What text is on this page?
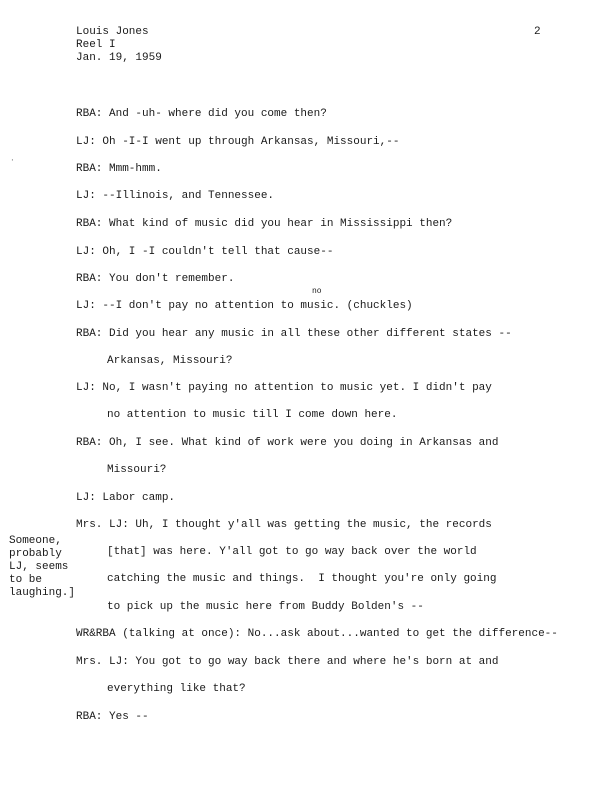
Louis Jones
Reel I
Jan. 19, 1959
2
RBA: And -uh- where did you come then?
LJ: Oh -I-I went up through Arkansas, Missouri,--
RBA: Mmm-hmm.
LJ: --Illinois, and Tennessee.
RBA: What kind of music did you hear in Mississippi then?
LJ: Oh, I -I couldn't tell that cause--
RBA: You don't remember.
LJ: --I don't pay no attention to music. (chuckles)
no
RBA: Did you hear any music in all these other different states --
Arkansas, Missouri?
LJ: No, I wasn't paying no attention to music yet. I didn't pay
no attention to music till I come down here.
RBA: Oh, I see. What kind of work were you doing in Arkansas and
Missouri?
LJ: Labor camp.
Mrs. LJ: Uh, I thought y'all was getting the music, the records
[that] was here. Y'all got to go way back over the world
catching the music and things.  I thought you're only going
to pick up the music here from Buddy Bolden's --
WR&RBA (talking at once): No...ask about...wanted to get the difference--
Mrs. LJ: You got to go way back there and where he's born at and
everything like that?
RBA: Yes --
Someone,
probably
LJ, seems
to be
laughing.]
·
